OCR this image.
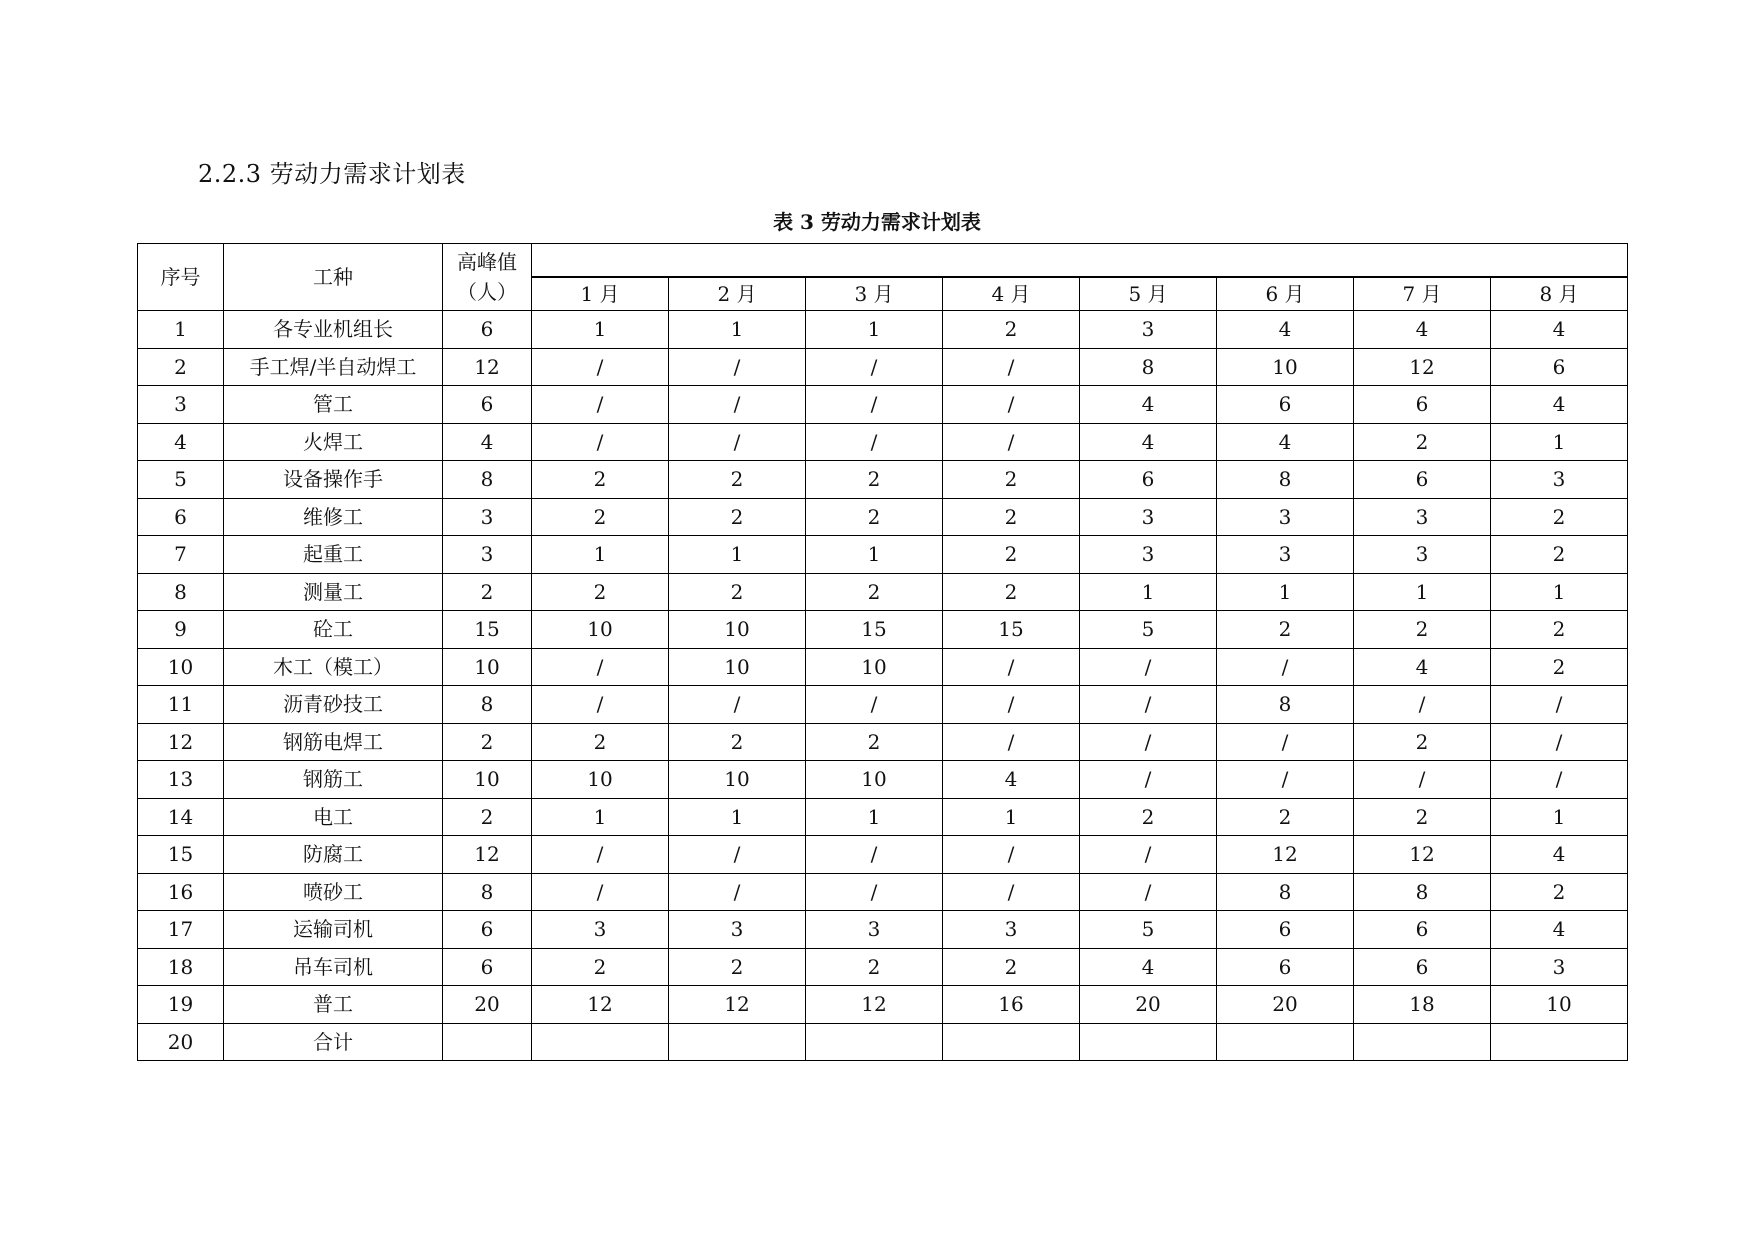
2.2.3 劳动力需求计划表
表 3 劳动力需求计划表
序号	工种	高峰值
（人）								
			1 月	2 月	3 月	4 月	5 月	6 月	7 月	8 月
1	各专业机组长	6	1	1	1	2	3	4	4	4
2	手工焊/半自动焊工	12	/	/	/	/	8	10	12	6
3	管工	6	/	/	/	/	4	6	6	4
4	火焊工	4	/	/	/	/	4	4	2	1
5	设备操作手	8	2	2	2	2	6	8	6	3
6	维修工	3	2	2	2	2	3	3	3	2
7	起重工	3	1	1	1	2	3	3	3	2
8	测量工	2	2	2	2	2	1	1	1	1
9	砼工	15	10	10	15	15	5	2	2	2
10	木工（模工）	10	/	10	10	/	/	/	4	2
11	沥青砂技工	8	/	/	/	/	/	8	/	/
12	钢筋电焊工	2	2	2	2	/	/	/	2	/
13	钢筋工	10	10	10	10	4	/	/	/	/
14	电工	2	1	1	1	1	2	2	2	1
15	防腐工	12	/	/	/	/	/	12	12	4
16	喷砂工	8	/	/	/	/	/	8	8	2
17	运输司机	6	3	3	3	3	5	6	6	4
18	吊车司机	6	2	2	2	2	4	6	6	3
19	普工	20	12	12	12	16	20	20	18	10
20	合计									
